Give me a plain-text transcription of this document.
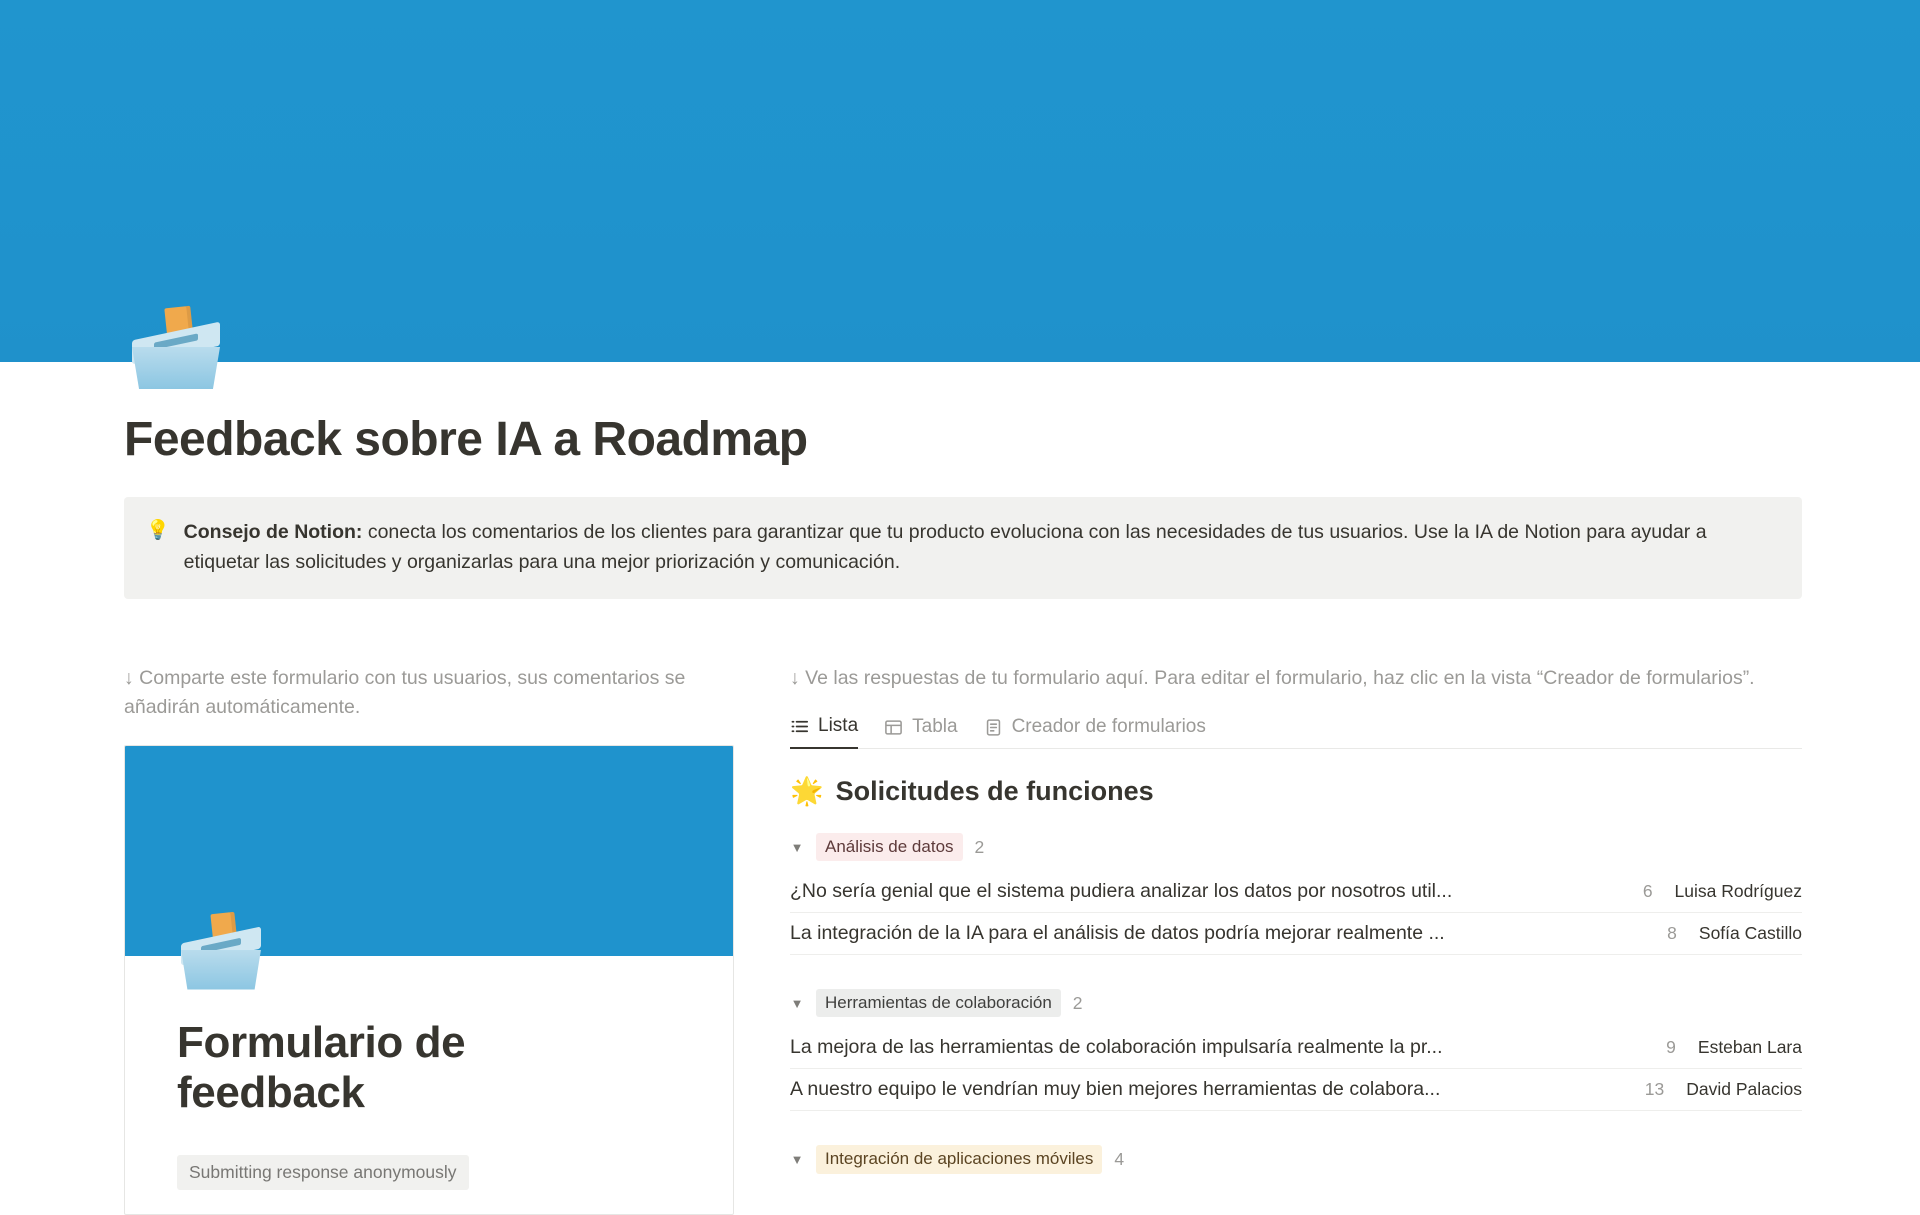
Feedback sobre IA a Roadmap
💡 Consejo de Notion: conecta los comentarios de los clientes para garantizar que tu producto evoluciona con las necesidades de tus usuarios. Use la IA de Notion para ayudar a etiquetar las solicitudes y organizarlas para una mejor priorización y comunicación.

↓ Comparte este formulario con tus usuarios, sus comentarios se añadirán automáticamente.

Formulario de feedback
Submitting response anonymously

↓ Ve las respuestas de tu formulario aquí. Para editar el formulario, haz clic en la vista “Creador de formularios”.

Lista	Tabla	Creador de formularios
🌟 Solicitudes de funciones
▼	Análisis de datos	2
¿No sería genial que el sistema pudiera analizar los datos por nosotros util...	6 Luisa Rodríguez
La integración de la IA para el análisis de datos podría mejorar realmente ...	8 Sofía Castillo
▼	Herramientas de colaboración	2
La mejora de las herramientas de colaboración impulsaría realmente la pr...	9 Esteban Lara
A nuestro equipo le vendrían muy bien mejores herramientas de colabora...	13 David Palacios
▼	Integración de aplicaciones móviles	4
